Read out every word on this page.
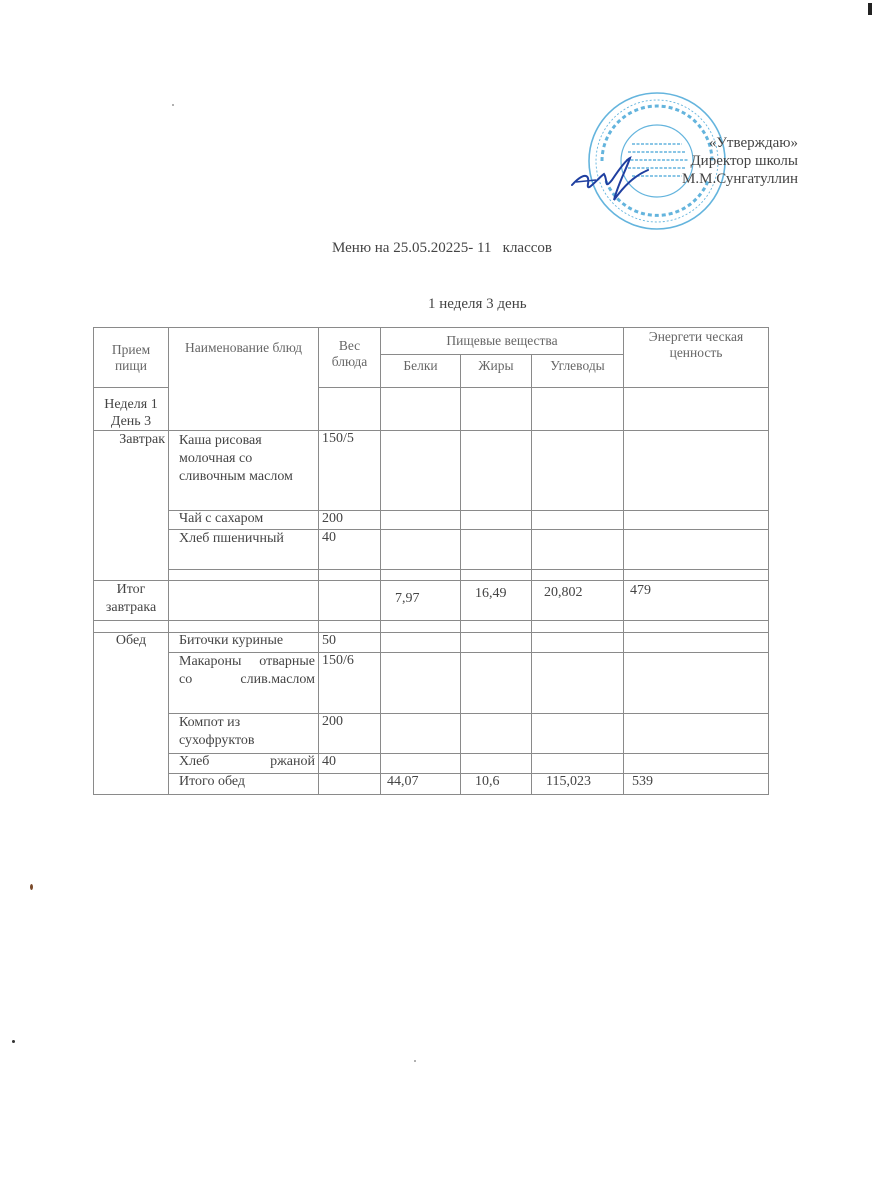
«Утверждаю»
Директор школы
М.М.Сунгатуллин
Меню на 25.05.20225- 11   классов
1 неделя 3 день
Прием пищи	Наименование блюд	Вес блюда	Пищевые вещества			Энергети ческая ценность
			Белки	Жиры	Углеводы	
Неделя 1 День 3						
Завтрак	Каша рисовая молочная со сливочным маслом	150/5				
	Чай с сахаром	200				
	Хлеб пшеничный	40				

Итог завтрака			7,97	16,49	20,802	479

Обед	Биточки куриные	50				

	Макароны отварные со слив.маслом	150/6				
	Компот из сухофруктов	200				

	Хлеб ржаной	40				
	Итого обед		44,07	10,6	115,023	539
